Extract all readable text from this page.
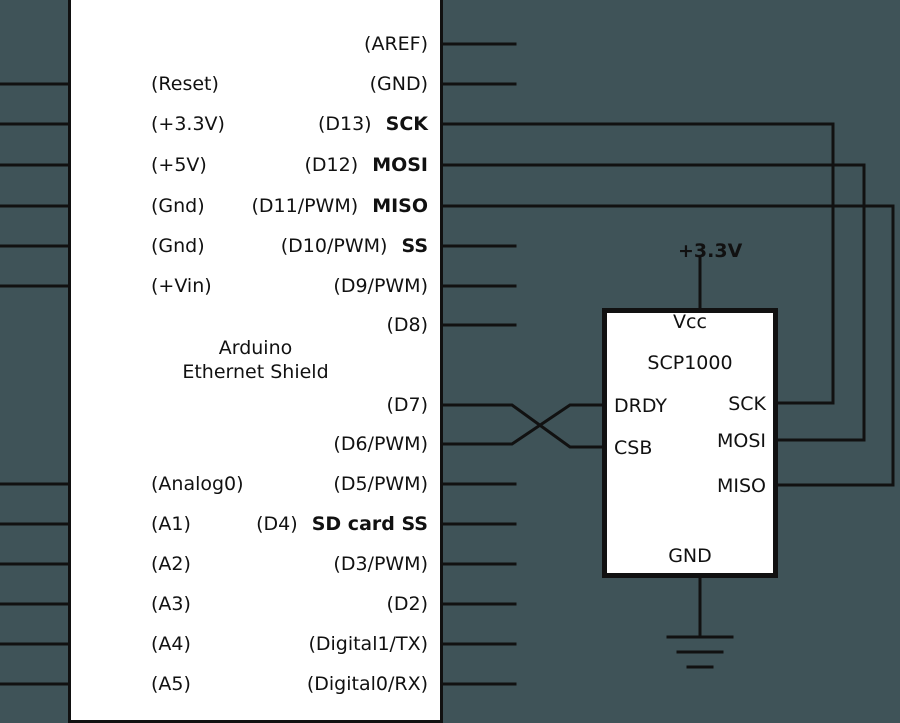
Arduino
Ethernet Shield
(Reset)
(+3.3V)
(+5V)
(Gnd)
(Gnd)
(+Vin)
(Analog0)
(A1)
(A2)
(A3)
(A4)
(A5)
(AREF)
(GND)
(D13) SCK
(D12) MOSI
(D11/PWM) MISO
(D10/PWM) SS
(D9/PWM)
(D8)
(D7)
(D6/PWM)
(D5/PWM)
(D4) SD card SS
(D3/PWM)
(D2)
(Digital1/TX)
(Digital0/RX)
+3.3V
Vcc
SCP1000
GND
DRDY
CSB
SCK
MOSI
MISO
